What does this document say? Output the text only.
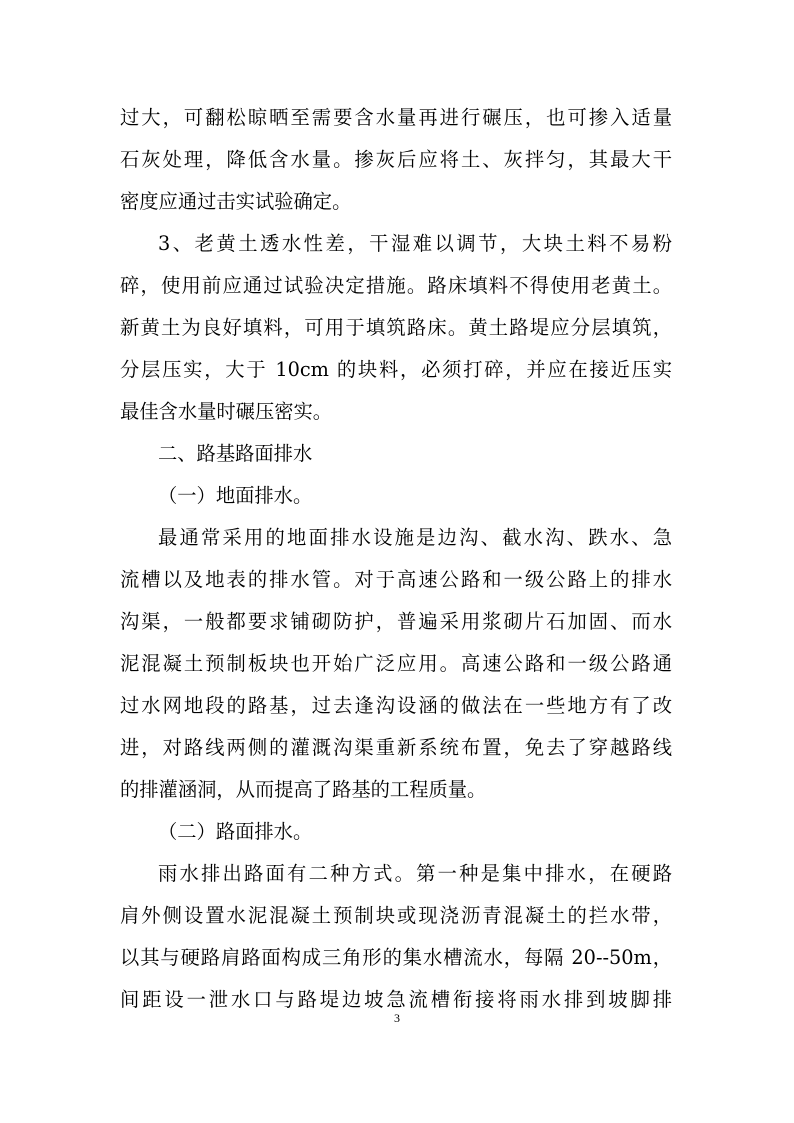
过大，可翻松晾晒至需要含水量再进行碾压，也可掺入适量
石灰处理，降低含水量。掺灰后应将土、灰拌匀，其最大干
密度应通过击实试验确定。
3、老黄土透水性差，干湿难以调节，大块土料不易粉
碎，使用前应通过试验决定措施。路床填料不得使用老黄土。
新黄土为良好填料，可用于填筑路床。黄土路堤应分层填筑，
分层压实，大于 10cm 的块料，必须打碎，并应在接近压实
最佳含水量时碾压密实。
二、路基路面排水
（一）地面排水。
最通常采用的地面排水设施是边沟、截水沟、跌水、急
流槽以及地表的排水管。对于高速公路和一级公路上的排水
沟渠，一般都要求铺砌防护，普遍采用浆砌片石加固、而水
泥混凝土预制板块也开始广泛应用。高速公路和一级公路通
过水网地段的路基，过去逢沟设涵的做法在一些地方有了改
进，对路线两侧的灌溉沟渠重新系统布置，免去了穿越路线
的排灌涵洞，从而提高了路基的工程质量。
（二）路面排水。
雨水排出路面有二种方式。第一种是集中排水，在硬路
肩外侧设置水泥混凝土预制块或现浇沥青混凝土的拦水带，
以其与硬路肩路面构成三角形的集水槽流水，每隔 20--50m，
间距设一泄水口与路堤边坡急流槽衔接将雨水排到坡脚排
3
